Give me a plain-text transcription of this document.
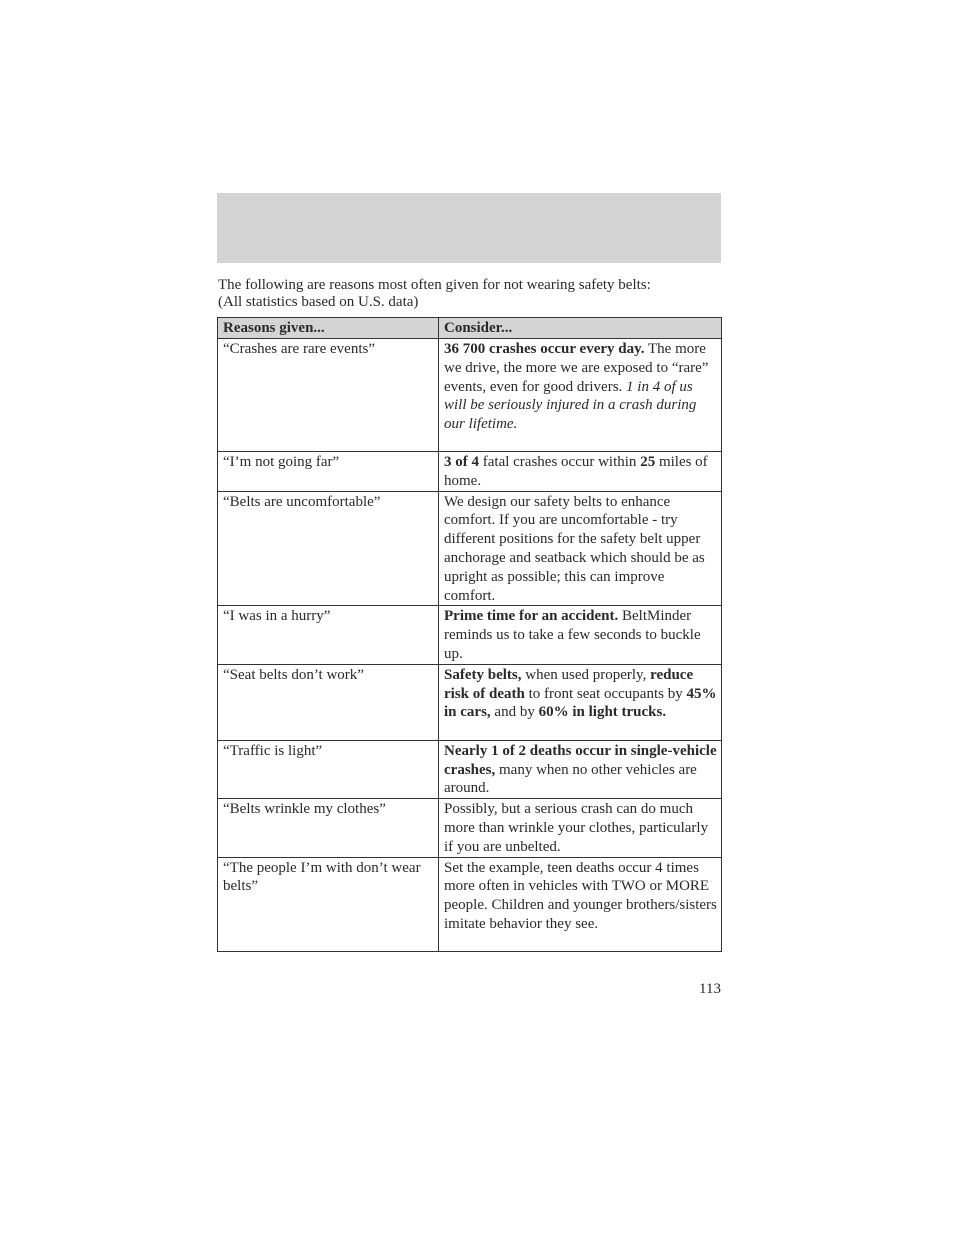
The following are reasons most often given for not wearing safety belts:
(All statistics based on U.S. data)
Reasons given...	Consider...
“Crashes are rare events”	36 700 crashes occur every day. The more we drive, the more we are exposed to “rare” events, even for good drivers. 1 in 4 of us will be seriously injured in a crash during our lifetime.
“I’m not going far”	3 of 4 fatal crashes occur within 25 miles of home.
“Belts are uncomfortable”	We design our safety belts to enhance comfort. If you are uncomfortable - try different positions for the safety belt upper anchorage and seatback which should be as upright as possible; this can improve comfort.
“I was in a hurry”	Prime time for an accident. BeltMinder reminds us to take a few seconds to buckle up.
“Seat belts don’t work”	Safety belts, when used properly, reduce risk of death to front seat occupants by 45% in cars, and by 60% in light trucks.
“Traffic is light”	Nearly 1 of 2 deaths occur in single-vehicle crashes, many when no other vehicles are around.
“Belts wrinkle my clothes”	Possibly, but a serious crash can do much more than wrinkle your clothes, particularly if you are unbelted.
“The people I’m with don’t wear belts”	Set the example, teen deaths occur 4 times more often in vehicles with TWO or MORE people. Children and younger brothers/sisters imitate behavior they see.
113
